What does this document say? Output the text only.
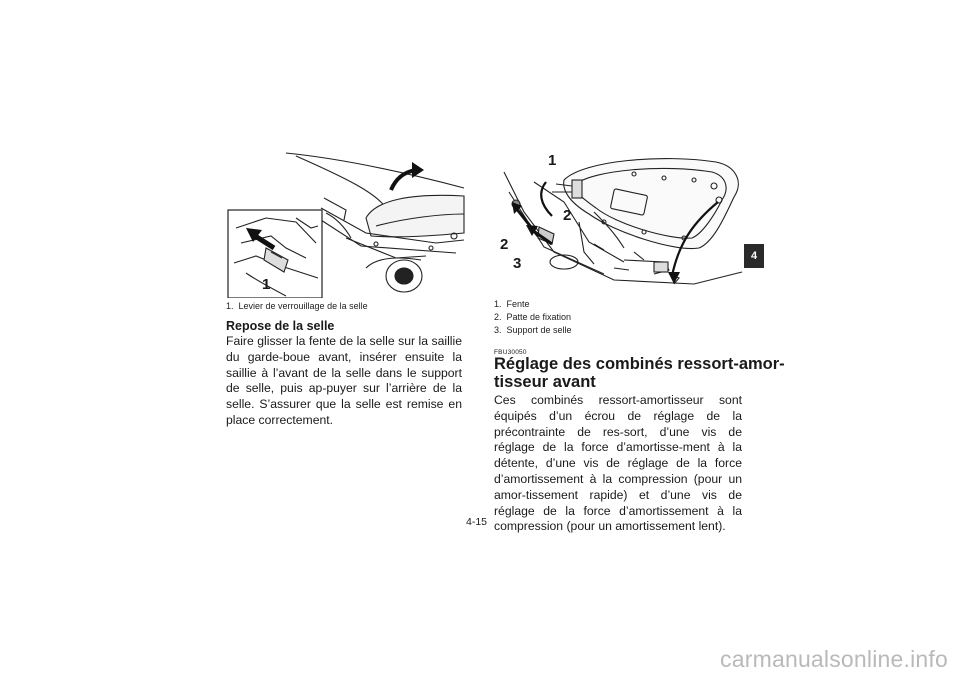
1
1. Levier de verrouillage de la selle
Repose de la selle
Faire glisser la fente de la selle sur la saillie du garde-boue avant, insérer ensuite la saillie à l’avant de la selle dans le support de selle, puis ap-puyer sur l’arrière de la selle. S’assurer que la selle est remise en place correctement.
1
2
2
3
1. Fente
2. Patte de fixation
3. Support de selle
FBU30050
Réglage des combinés ressort-amor-
tisseur avant
Ces combinés ressort-amortisseur sont équipés d’un écrou de réglage de la précontrainte de res-sort, d’une vis de réglage de la force d’amortisse-ment à la détente, d’une vis de réglage de la force d’amortissement à la compression (pour un amor-tissement rapide) et d’une vis de réglage de la force d’amortissement à la compression (pour un amortissement lent).
4
4-15
carmanualsonline.info
